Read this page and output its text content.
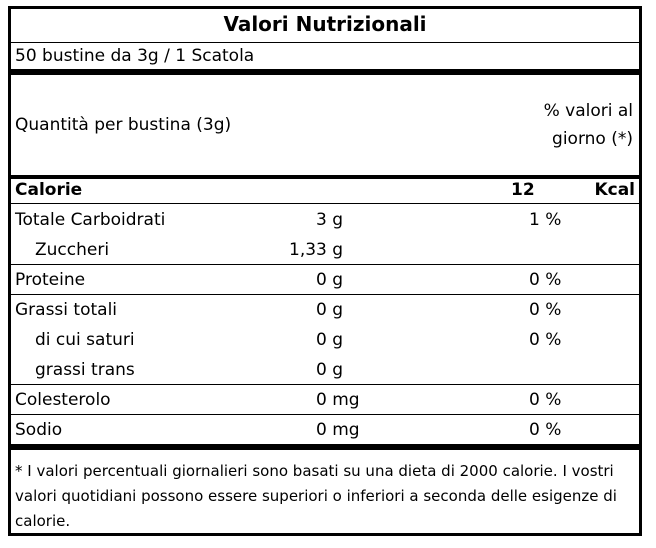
Valori Nutrizionali
50 bustine da 3g / 1 Scatola
Quantità per bustina (3g)
% valori al
giorno (*)
Calorie	12	Kcal
Totale Carboidrati	3 g	1 %
Zuccheri	1,33 g
Proteine	0 g	0 %
Grassi totali	0 g	0 %
di cui saturi	0 g	0 %
grassi trans	0 g
Colesterolo	0 mg	0 %
Sodio	0 mg	0 %
* I valori percentuali giornalieri sono basati su una dieta di 2000 calorie. I vostri valori quotidiani possono essere superiori o inferiori a seconda delle esigenze di calorie.
